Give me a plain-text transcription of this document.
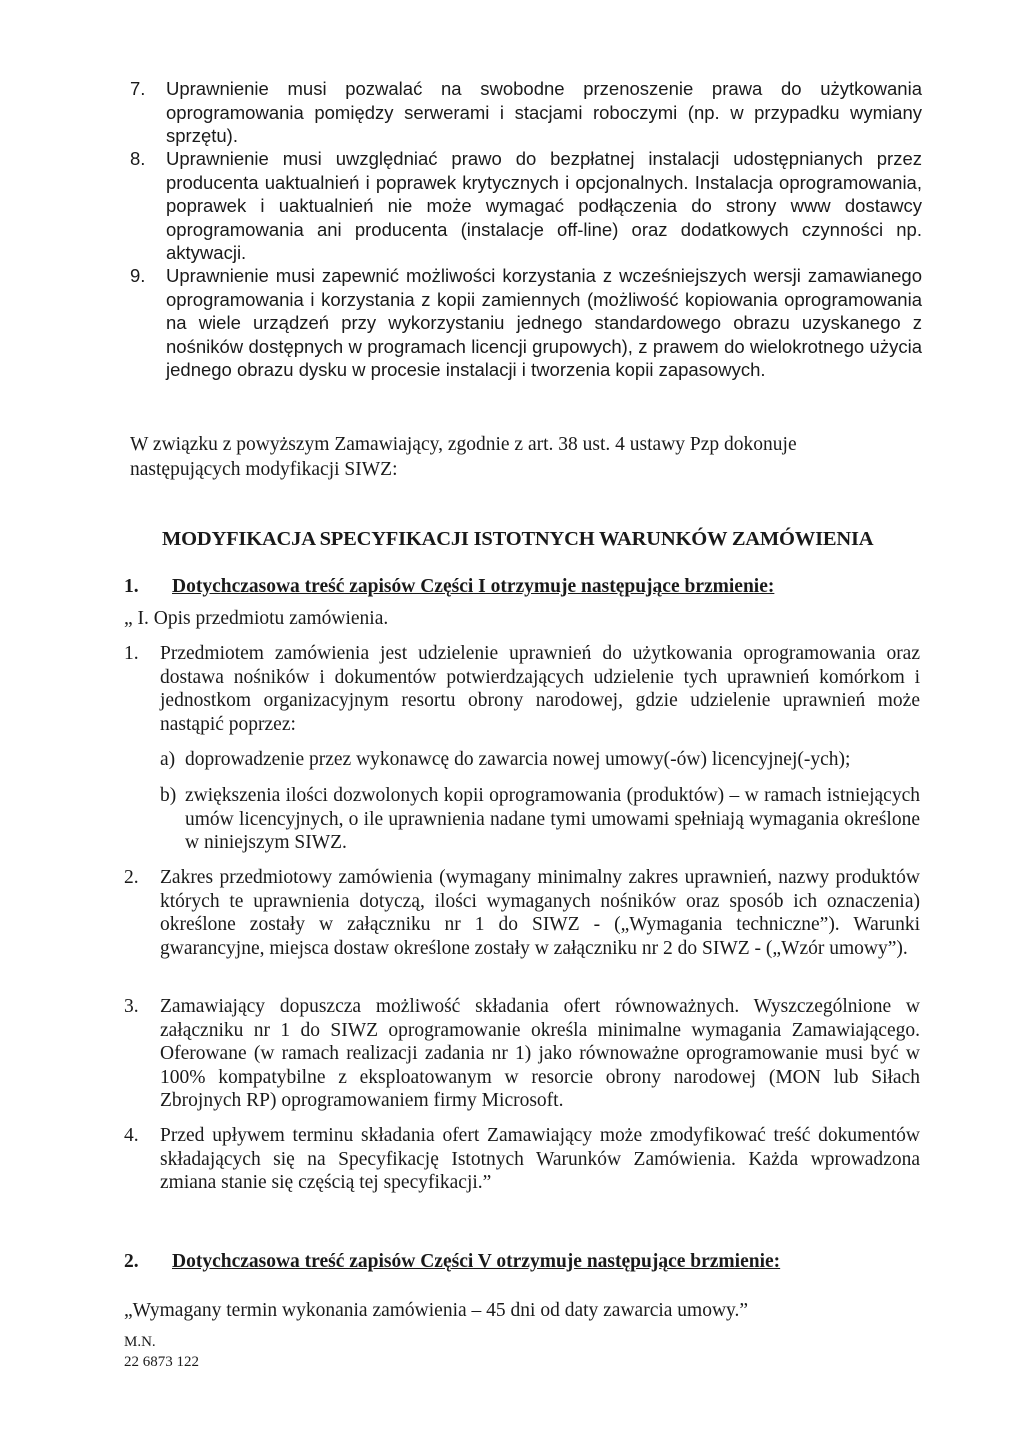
7. Uprawnienie musi pozwalać na swobodne przenoszenie prawa do użytkowania oprogramowania pomiędzy serwerami i stacjami roboczymi (np. w przypadku wymiany sprzętu).
8. Uprawnienie musi uwzględniać prawo do bezpłatnej instalacji udostępnianych przez producenta uaktualnień i poprawek krytycznych i opcjonalnych. Instalacja oprogramowania, poprawek i uaktualnień nie może wymagać podłączenia do strony www dostawcy oprogramowania ani producenta (instalacje off-line) oraz dodatkowych czynności np. aktywacji.
9. Uprawnienie musi zapewnić możliwości korzystania z wcześniejszych wersji zamawianego oprogramowania i korzystania z kopii zamiennych (możliwość kopiowania oprogramowania na wiele urządzeń przy wykorzystaniu jednego standardowego obrazu uzyskanego z nośników dostępnych w programach licencji grupowych), z prawem do wielokrotnego użycia jednego obrazu dysku w procesie instalacji i tworzenia kopii zapasowych.
W związku z powyższym Zamawiający, zgodnie z art. 38 ust. 4 ustawy Pzp dokonuje
następujących modyfikacji SIWZ:
MODYFIKACJA SPECYFIKACJI ISTOTNYCH WARUNKÓW ZAMÓWIENIA
1. Dotychczasowa treść zapisów Części I otrzymuje następujące brzmienie:
„ I. Opis przedmiotu zamówienia.
1. Przedmiotem zamówienia jest udzielenie uprawnień do użytkowania oprogramowania oraz dostawa nośników i dokumentów potwierdzających udzielenie tych uprawnień komórkom i jednostkom organizacyjnym resortu obrony narodowej, gdzie udzielenie uprawnień może nastąpić poprzez:
a) doprowadzenie przez wykonawcę do zawarcia nowej umowy(-ów) licencyjnej(-ych);
b) zwiększenia ilości dozwolonych kopii oprogramowania (produktów) – w ramach istniejących umów licencyjnych, o ile uprawnienia nadane tymi umowami spełniają wymagania określone w niniejszym SIWZ.
2. Zakres przedmiotowy zamówienia (wymagany minimalny zakres uprawnień, nazwy produktów których te uprawnienia dotyczą, ilości wymaganych nośników oraz sposób ich oznaczenia) określone zostały w załączniku nr 1 do SIWZ - („Wymagania techniczne”). Warunki gwarancyjne, miejsca dostaw określone zostały w załączniku nr 2 do SIWZ - („Wzór umowy”).
3. Zamawiający dopuszcza możliwość składania ofert równoważnych. Wyszczególnione w załączniku nr 1 do SIWZ oprogramowanie określa minimalne wymagania Zamawiającego. Oferowane (w ramach realizacji zadania nr 1) jako równoważne oprogramowanie musi być w 100% kompatybilne z eksploatowanym w resorcie obrony narodowej (MON lub Siłach Zbrojnych RP) oprogramowaniem firmy Microsoft.
4. Przed upływem terminu składania ofert Zamawiający może zmodyfikować treść dokumentów składających się na Specyfikację Istotnych Warunków Zamówienia. Każda wprowadzona zmiana stanie się częścią tej specyfikacji.”
2. Dotychczasowa treść zapisów Części V otrzymuje następujące brzmienie:
„Wymagany termin wykonania zamówienia – 45 dni od daty zawarcia umowy.”
M.N.
22 6873 122
